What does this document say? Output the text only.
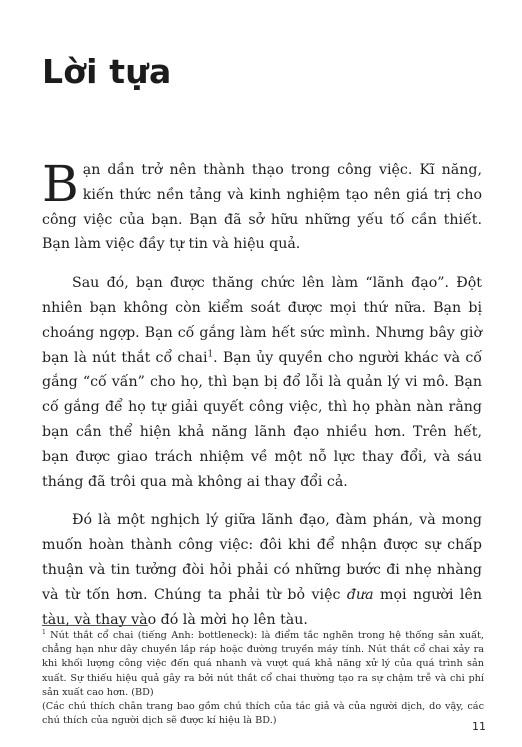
Lời tựa

Bạn dần trở nên thành thạo trong công việc. Kĩ năng, kiến thức nền tảng và kinh nghiệm tạo nên giá trị cho công việc của bạn. Bạn đã sở hữu những yếu tố cần thiết. Bạn làm việc đầy tự tin và hiệu quả.

Sau đó, bạn được thăng chức lên làm “lãnh đạo”. Đột nhiên bạn không còn kiểm soát được mọi thứ nữa. Bạn bị choáng ngợp. Bạn cố gắng làm hết sức mình. Nhưng bây giờ bạn là nút thắt cổ chai$^1$. Bạn ủy quyền cho người khác và cố gắng “cố vấn” cho họ, thì bạn bị đổ lỗi là quản lý vi mô. Bạn cố gắng để họ tự giải quyết công việc, thì họ phàn nàn rằng bạn cần thể hiện khả năng lãnh đạo nhiều hơn. Trên hết, bạn được giao trách nhiệm về một nỗ lực thay đổi, và sáu tháng đã trôi qua mà không ai thay đổi cả.

Đó là một nghịch lý giữa lãnh đạo, đàm phán, và mong muốn hoàn thành công việc: đôi khi để nhận được sự chấp thuận và tin tưởng đòi hỏi phải có những bước đi nhẹ nhàng và từ tốn hơn. Chúng ta phải từ bỏ việc đưa mọi người lên tàu, và thay vào đó là mời họ lên tàu.

$^1$ Nút thắt cổ chai (tiếng Anh: bottleneck): là điểm tắc nghẽn trong hệ thống sản xuất, chẳng hạn như dây chuyền lắp ráp hoặc đường truyền máy tính. Nút thắt cổ chai xảy ra khi khối lượng công việc đến quá nhanh và vượt quá khả năng xử lý của quá trình sản xuất. Sự thiếu hiệu quả gây ra bởi nút thắt cổ chai thường tạo ra sự chậm trễ và chi phí sản xuất cao hơn. (BD)

(Các chú thích chân trang bao gồm chú thích của tác giả và của người dịch, do vậy, các chú thích của người dịch sẽ được kí hiệu là BD.)	11
